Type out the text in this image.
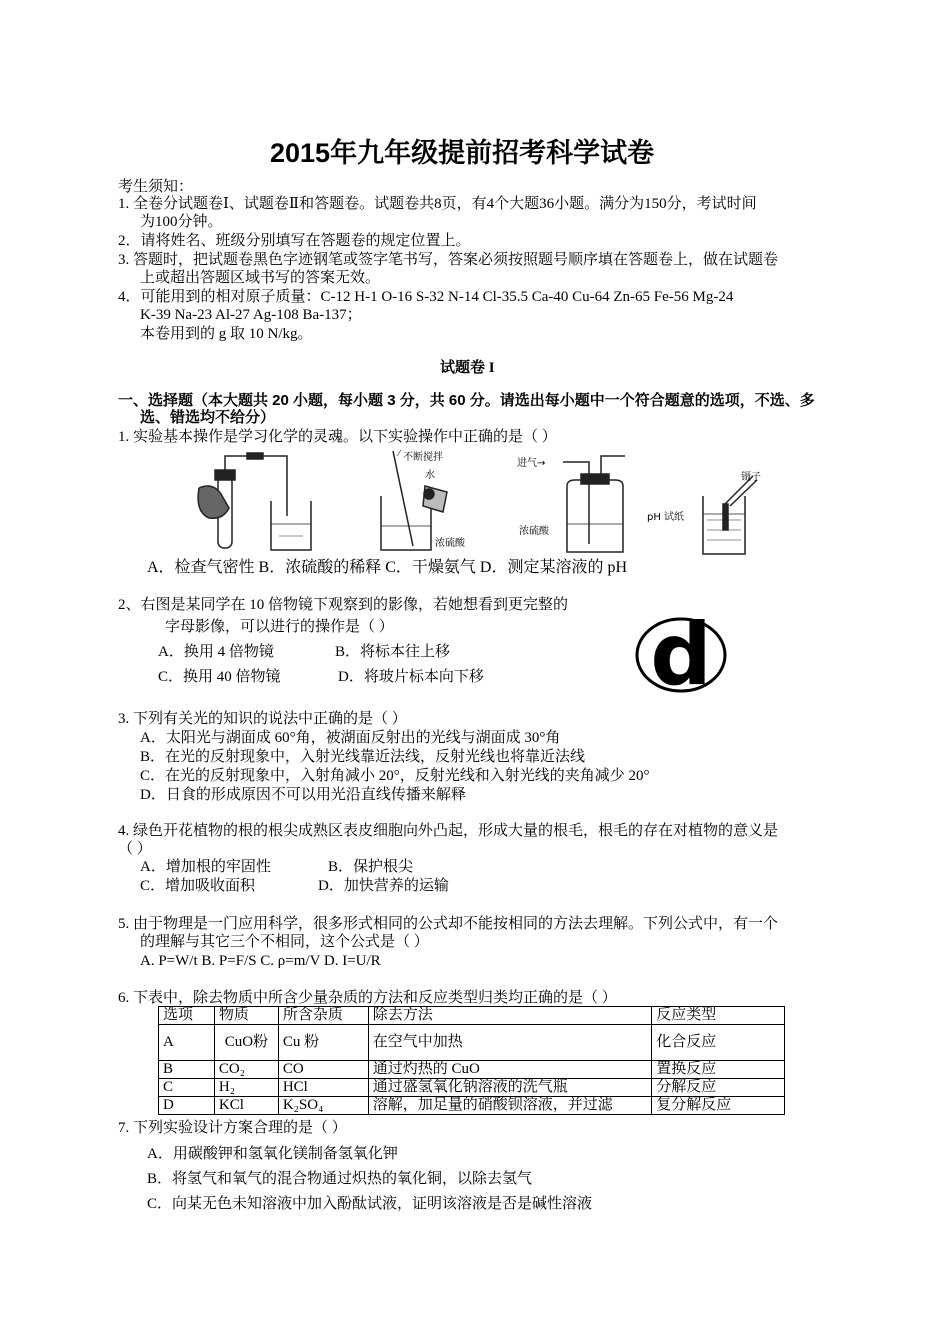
2015年九年级提前招考科学试卷
考生须知：
1. 全卷分试题卷Ⅰ、试题卷Ⅱ和答题卷。试题卷共8页，有4个大题36小题。满分为150分，考试时间
为100分钟。
2．请将姓名、班级分别填写在答题卷的规定位置上。
3. 答题时，把试题卷黑色字迹钢笔或签字笔书写，答案必须按照题号顺序填在答题卷上，做在试题卷
上或超出答题区域书写的答案无效。
4．可能用到的相对原子质量：C-12 H-1 O-16 S-32 N-14 Cl-35.5 Ca-40 Cu-64 Zn-65 Fe-56 Mg-24
K-39 Na-23 Al-27 Ag-108 Ba-137；
本卷用到的 g 取 10 N/kg。
试题卷 I
一、选择题（本大题共 20 小题，每小题 3 分，共 60 分。请选出每小题中一个符合题意的选项，不选、多
选、错选均不给分）
1. 实验基本操作是学习化学的灵魂。以下实验操作中正确的是（ ）
不断搅拌
水
浓硫酸
进气→
浓硫酸
镊子
pH 试纸
A．检查气密性 B．浓硫酸的稀释 C．干燥氨气 D．测定某溶液的 pH
2、右图是某同学在 10 倍物镜下观察到的影像，若她想看到更完整的
字母影像，可以进行的操作是（ ）
A．换用 4 倍物镜	B．将标本往上移
C．换用 40 倍物镜	D．将玻片标本向下移 d
3. 下列有关光的知识的说法中正确的是（ ）
A．太阳光与湖面成 60°角，被湖面反射出的光线与湖面成 30°角
B．在光的反射现象中，入射光线靠近法线，反射光线也将靠近法线
C．在光的反射现象中，入射角减小 20°，反射光线和入射光线的夹角减少 20°
D．日食的形成原因不可以用光沿直线传播来解释
4. 绿色开花植物的根的根尖成熟区表皮细胞向外凸起，形成大量的根毛，根毛的存在对植物的意义是
（ ）
A．增加根的牢固性	B．保护根尖
C．增加吸收面积	D．加快营养的运输
5. 由于物理是一门应用科学，很多形式相同的公式却不能按相同的方法去理解。下列公式中，有一个
的理解与其它三个不相同，这个公式是（ ）
A. P=W/t B. P=F/S C. ρ=m/V D. I=U/R
6. 下表中，除去物质中所含少量杂质的方法和反应类型归类均正确的是（ ）
选项	物质	所含杂质	除去方法	反应类型
A	CuO粉	Cu 粉	在空气中加热	化合反应
B	CO₂	CO	通过灼热的 CuO	置换反应
C	H₂	HCl	通过盛氢氧化钠溶液的洗气瓶	分解反应
D	KCl	K₂SO₄	溶解，加足量的硝酸钡溶液，并过滤	复分解反应
7. 下列实验设计方案合理的是（ ）
A．用碳酸钾和氢氧化镁制备氢氧化钾
B．将氢气和氧气的混合物通过炽热的氧化铜，以除去氢气
C．向某无色未知溶液中加入酚酞试液，证明该溶液是否是碱性溶液
